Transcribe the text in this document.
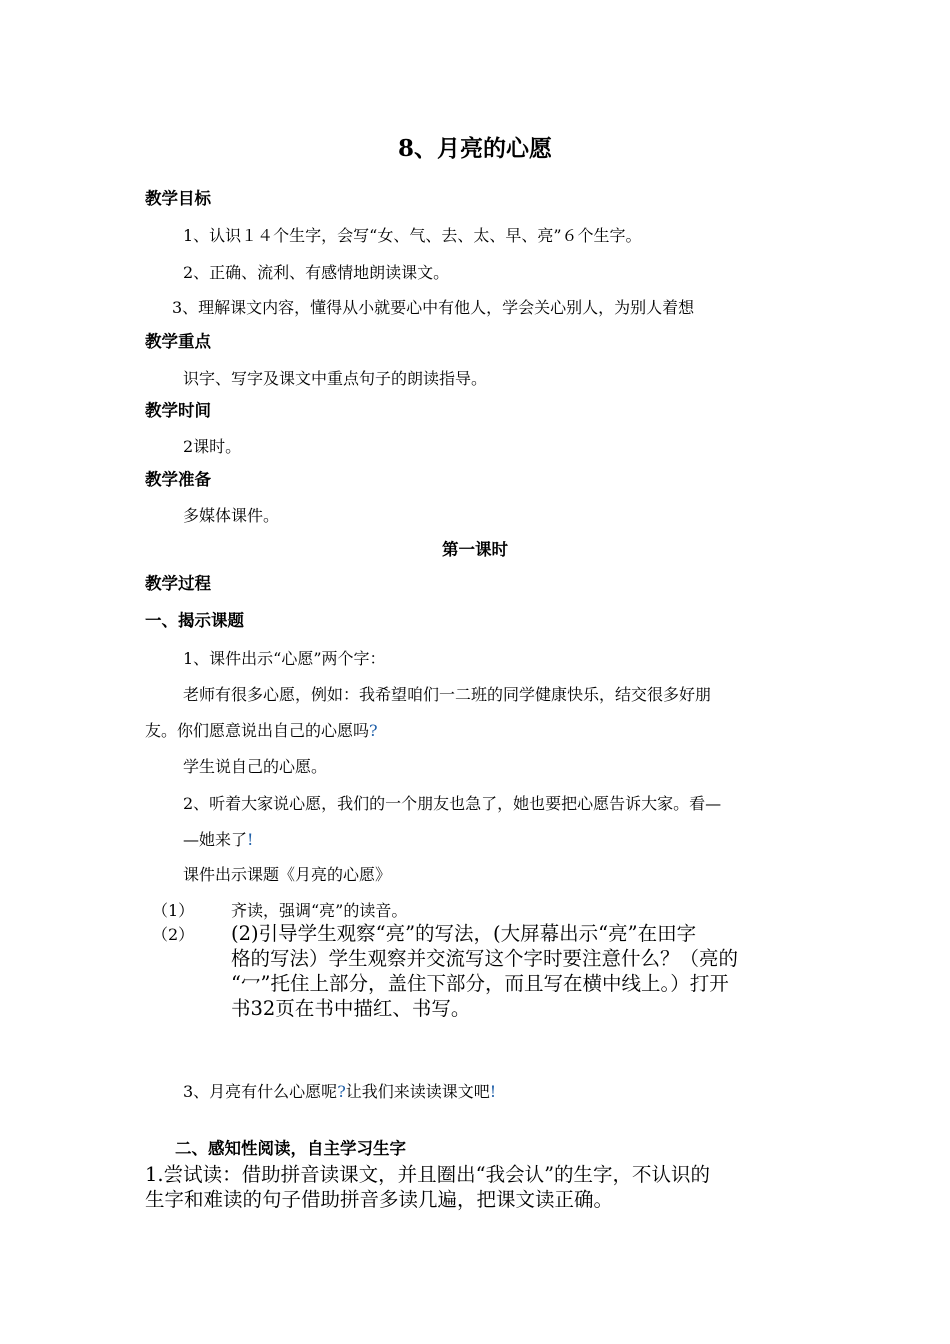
8、月亮的心愿
教学目标
1、认识１４个生字，会写“女、气、去、太、早、亮”６个生字。
2、正确、流利、有感情地朗读课文。
3、理解课文内容，懂得从小就要心中有他人，学会关心别人，为别人着想
教学重点
识字、写字及课文中重点句子的朗读指导。
教学时间
2课时。
教学准备
多媒体课件。
第一课时
教学过程
一、揭示课题
1、课件出示“心愿”两个字：
老师有很多心愿，例如：我希望咱们一二班的同学健康快乐，结交很多好朋
友。你们愿意说出自己的心愿吗?
学生说自己的心愿。
2、听着大家说心愿，我们的一个朋友也急了，她也要把心愿告诉大家。看—
—她来了!
课件出示课题《月亮的心愿》
（1） 齐读，强调“亮”的读音。
（2） (2)引导学生观察“亮”的写法，(大屏幕出示“亮”在田字
格的写法）学生观察并交流写这个字时要注意什么？（亮的
“冖”托住上部分，盖住下部分，而且写在横中线上。）打开
书32页在书中描红、书写。
3、月亮有什么心愿呢?让我们来读读课文吧!
二、感知性阅读，自主学习生字
1.尝试读：借助拼音读课文，并且圈出“我会认”的生字，不认识的
生字和难读的句子借助拼音多读几遍，把课文读正确。
